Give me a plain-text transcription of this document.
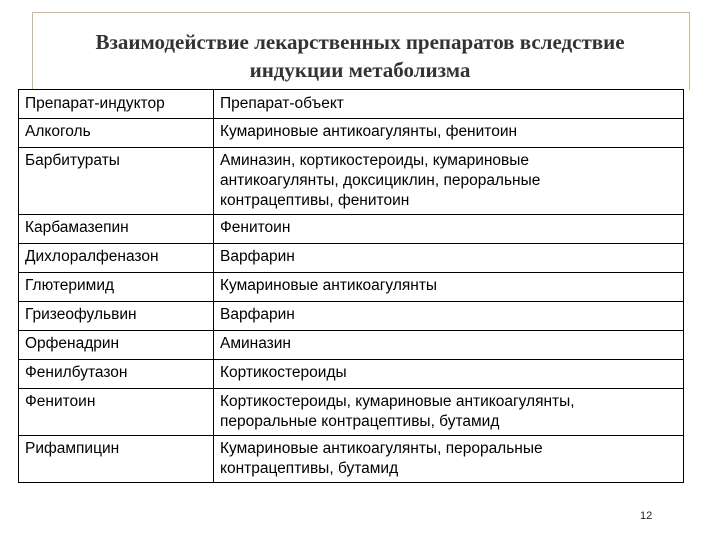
Взаимодействие лекарственных препаратов вследствие
индукции метаболизма
Препарат-индуктор	Препарат-объект
Алкоголь	Кумариновые антикоагулянты, фенитоин

Барбитураты	Аминазин, кортикостероиды, кумариновые
антикоагулянты, доксициклин, пероральные
контрацептивы, фенитоин

Карбамазепин	Фенитоин

Дихлоралфеназон	Варфарин

Глютеримид	Кумариновые антикоагулянты

Гризеофульвин	Варфарин

Орфенадрин	Аминазин

Фенилбутазон	Кортикостероиды

Фенитоин	Кортикостероиды, кумариновые антикоагулянты,
пероральные контрацептивы, бутамид

Рифампицин	Кумариновые антикоагулянты, пероральные
контрацептивы, бутамид
12
